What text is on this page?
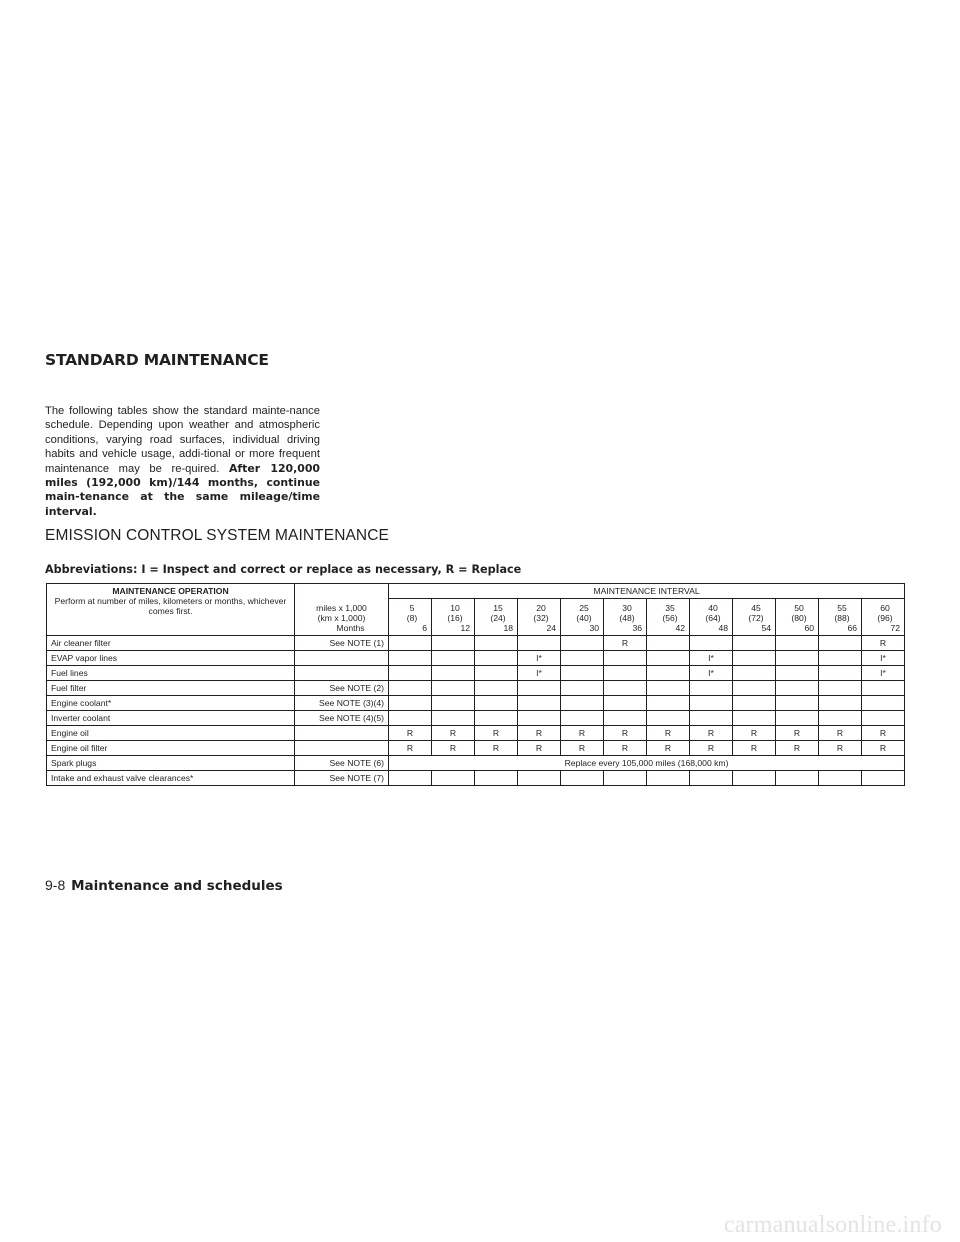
STANDARD MAINTENANCE

The following tables show the standard mainte-nance schedule. Depending upon weather and atmospheric conditions, varying road surfaces, individual driving habits and vehicle usage, addi-tional or more frequent maintenance may be re-quired. After 120,000 miles (192,000 km)/144 months, continue main-tenance at the same mileage/time interval.

EMISSION CONTROL SYSTEM MAINTENANCE

Abbreviations: I = Inspect and correct or replace as necessary, R = Replace

MAINTENANCE OPERATION
Perform at number of miles, kilometers or months, whichever comes first.	miles x 1,000
(km x 1,000)
Months	MAINTENANCE INTERVAL											

		5
(8)
6	10
(16)
12	15
(24)
18	20
(32)
24	25
(40)
30	30
(48)
36	35
(56)
42	40
(64)
48	45
(72)
54	50
(80)
60	55
(88)
66	60
(96)
72

Air cleaner filter	See NOTE (1)						R						R
EVAP vapor lines					I*				I*				I*
Fuel lines					I*				I*				I*
Fuel filter	See NOTE (2)												
Engine coolant*	See NOTE (3)(4)												
Inverter coolant	See NOTE (4)(5)												
Engine oil		R	R	R	R	R	R	R	R	R	R	R	R
Engine oil filter		R	R	R	R	R	R	R	R	R	R	R	R
Spark plugs	See NOTE (6)	Replace every 105,000 miles (168,000 km)											
Intake and exhaust valve clearances*	See NOTE (7)												

9-8 Maintenance and schedules

carmanualsonline.info
